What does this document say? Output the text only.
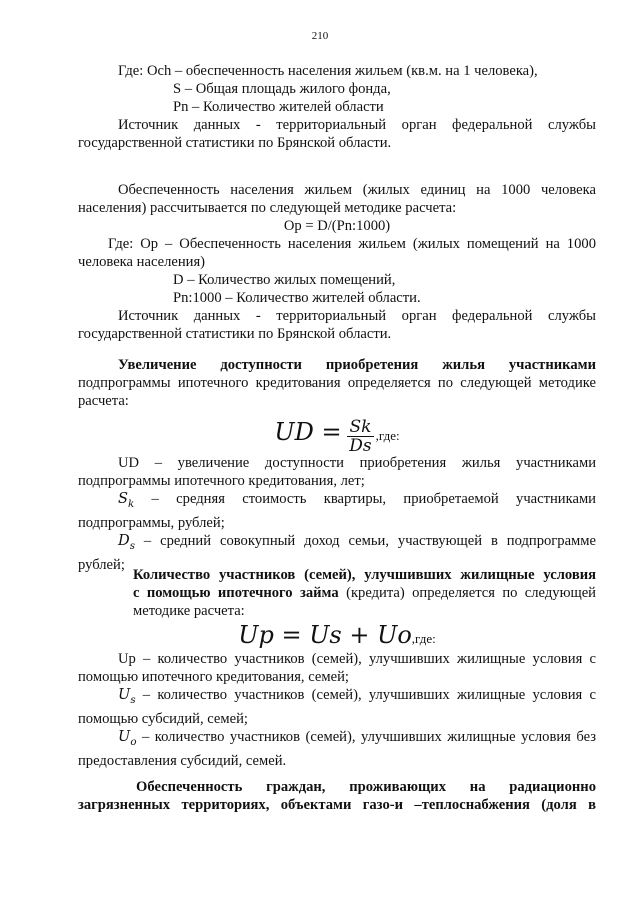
210

Где: Och – обеспеченность населения жильем (кв.м. на 1 человека),

S – Общая площадь жилого фонда,

Pn – Количество жителей области

Источник данных - территориальный орган федеральной службы

государственной статистики по Брянской области.

Обеспеченность населения жильем (жилых единиц на 1000 человека

населения) рассчитывается по следующей методике расчета:

Op = D/(Pn:1000)

Где: Op – Обеспеченность населения жильем (жилых помещений на 1000

человека населения)

D – Количество жилых помещений,

Pn:1000 – Количество жителей области.

Источник данных - территориальный орган федеральной службы

государственной статистики по Брянской области.

Увеличение доступности приобретения жилья участниками

подпрограммы ипотечного кредитования определяется по следующей методике

расчета:

UD = $\frac{Sk}{Ds} ,где$:

UD – увеличение доступности приобретения жилья участниками

подпрограммы ипотечного кредитования, лет;

$S_k$ – средняя стоимость квартиры, приобретаемой участниками

подпрограммы, рублей;

$D_s$ – средний совокупный доход семьи, участвующей в подпрограмме

рублей;

Количество участников (семей), улучшивших жилищные условия

с помощью ипотечного займа (кредита) определяется по следующей

методике расчета:

Up = Us + Uo,где:

Up – количество участников (семей), улучшивших жилищные условия с

помощью ипотечного кредитования, семей;

$U_s$ – количество участников (семей), улучшивших жилищные условия с

помощью субсидий, семей;

$U_o$ – количество участников (семей), улучшивших жилищные условия без

предоставления субсидий, семей.

Обеспеченность граждан, проживающих на радиационно

загрязненных территориях, объектами газо-и –теплоснабжения (доля в
